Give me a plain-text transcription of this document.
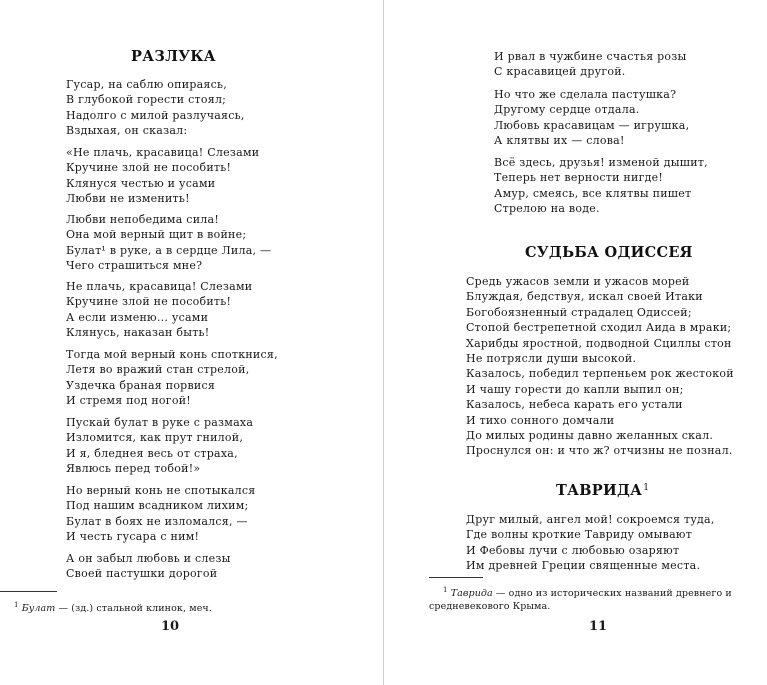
РАЗЛУКА
Гусар, на саблю опираясь,
В глубокой горести стоял;
Надолго с милой разлучаясь,
Вздыхая, он сказал:
«Не плачь, красавица! Слезами
Кручине злой не пособить!
Клянуся честью и усами
Любви не изменить!
Любви непобедима сила!
Она мой верный щит в войне;
Булат¹ в руке, а в сердце Лила, —
Чего страшиться мне?
Не плачь, красавица! Слезами
Кручине злой не пособить!
А если изменю... усами
Клянусь, наказан быть!
Тогда мой верный конь споткнися,
Летя во вражий стан стрелой,
Уздечка бранaя порвися
И стремя под ногой!
Пускай булат в руке с размаха
Изломится, как прут гнилой,
И я, бледнея весь от страха,
Явлюсь перед тобой!»
Но верный конь не спотыкался
Под нашим всадником лихим;
Булат в боях не изломался, —
И честь гусара с ним!
А он забыл любовь и слезы
Своей пастушки дорогой

$^1$ Булат — (зд.) стальной клинок, меч.

10

И рвал в чужбине счастья розы
С красавицей другой.
Но что же сделала пастушка?
Другому сердце отдала.
Любовь красавицам — игрушка,
А клятвы их — слова!
Всё здесь, друзья! изменой дышит,
Теперь нет верности нигде!
Амур, смеясь, все клятвы пишет
Стрелою на воде.
СУДЬБА ОДИССЕЯ
Средь ужасов земли и ужасов морей
Блуждая, бедствуя, искал своей Итаки
Богобоязненный страдалец Одиссей;
Стопой бестрепетной сходил Аида в мраки;
Харибды яростной, подводной Сциллы стон
Не потрясли души высокой.
Казалось, победил терпеньем рок жестокой
И чашу горести до капли выпил он;
Казалось, небеса карать его устали
И тихо сонного домчали
До милых родины давно желанных скал.
Проснулся он: и что ж? отчизны не познал.
ТАВРИДА$^1$
Друг милый, ангел мой! сокроемся туда,
Где волны кроткие Тавриду омывают
И Фебовы лучи с любовью озаряют
Им древней Греции священные места.

$^1$ Таврида — одно из исторических названий древнего и
средневекового Крыма.

11
